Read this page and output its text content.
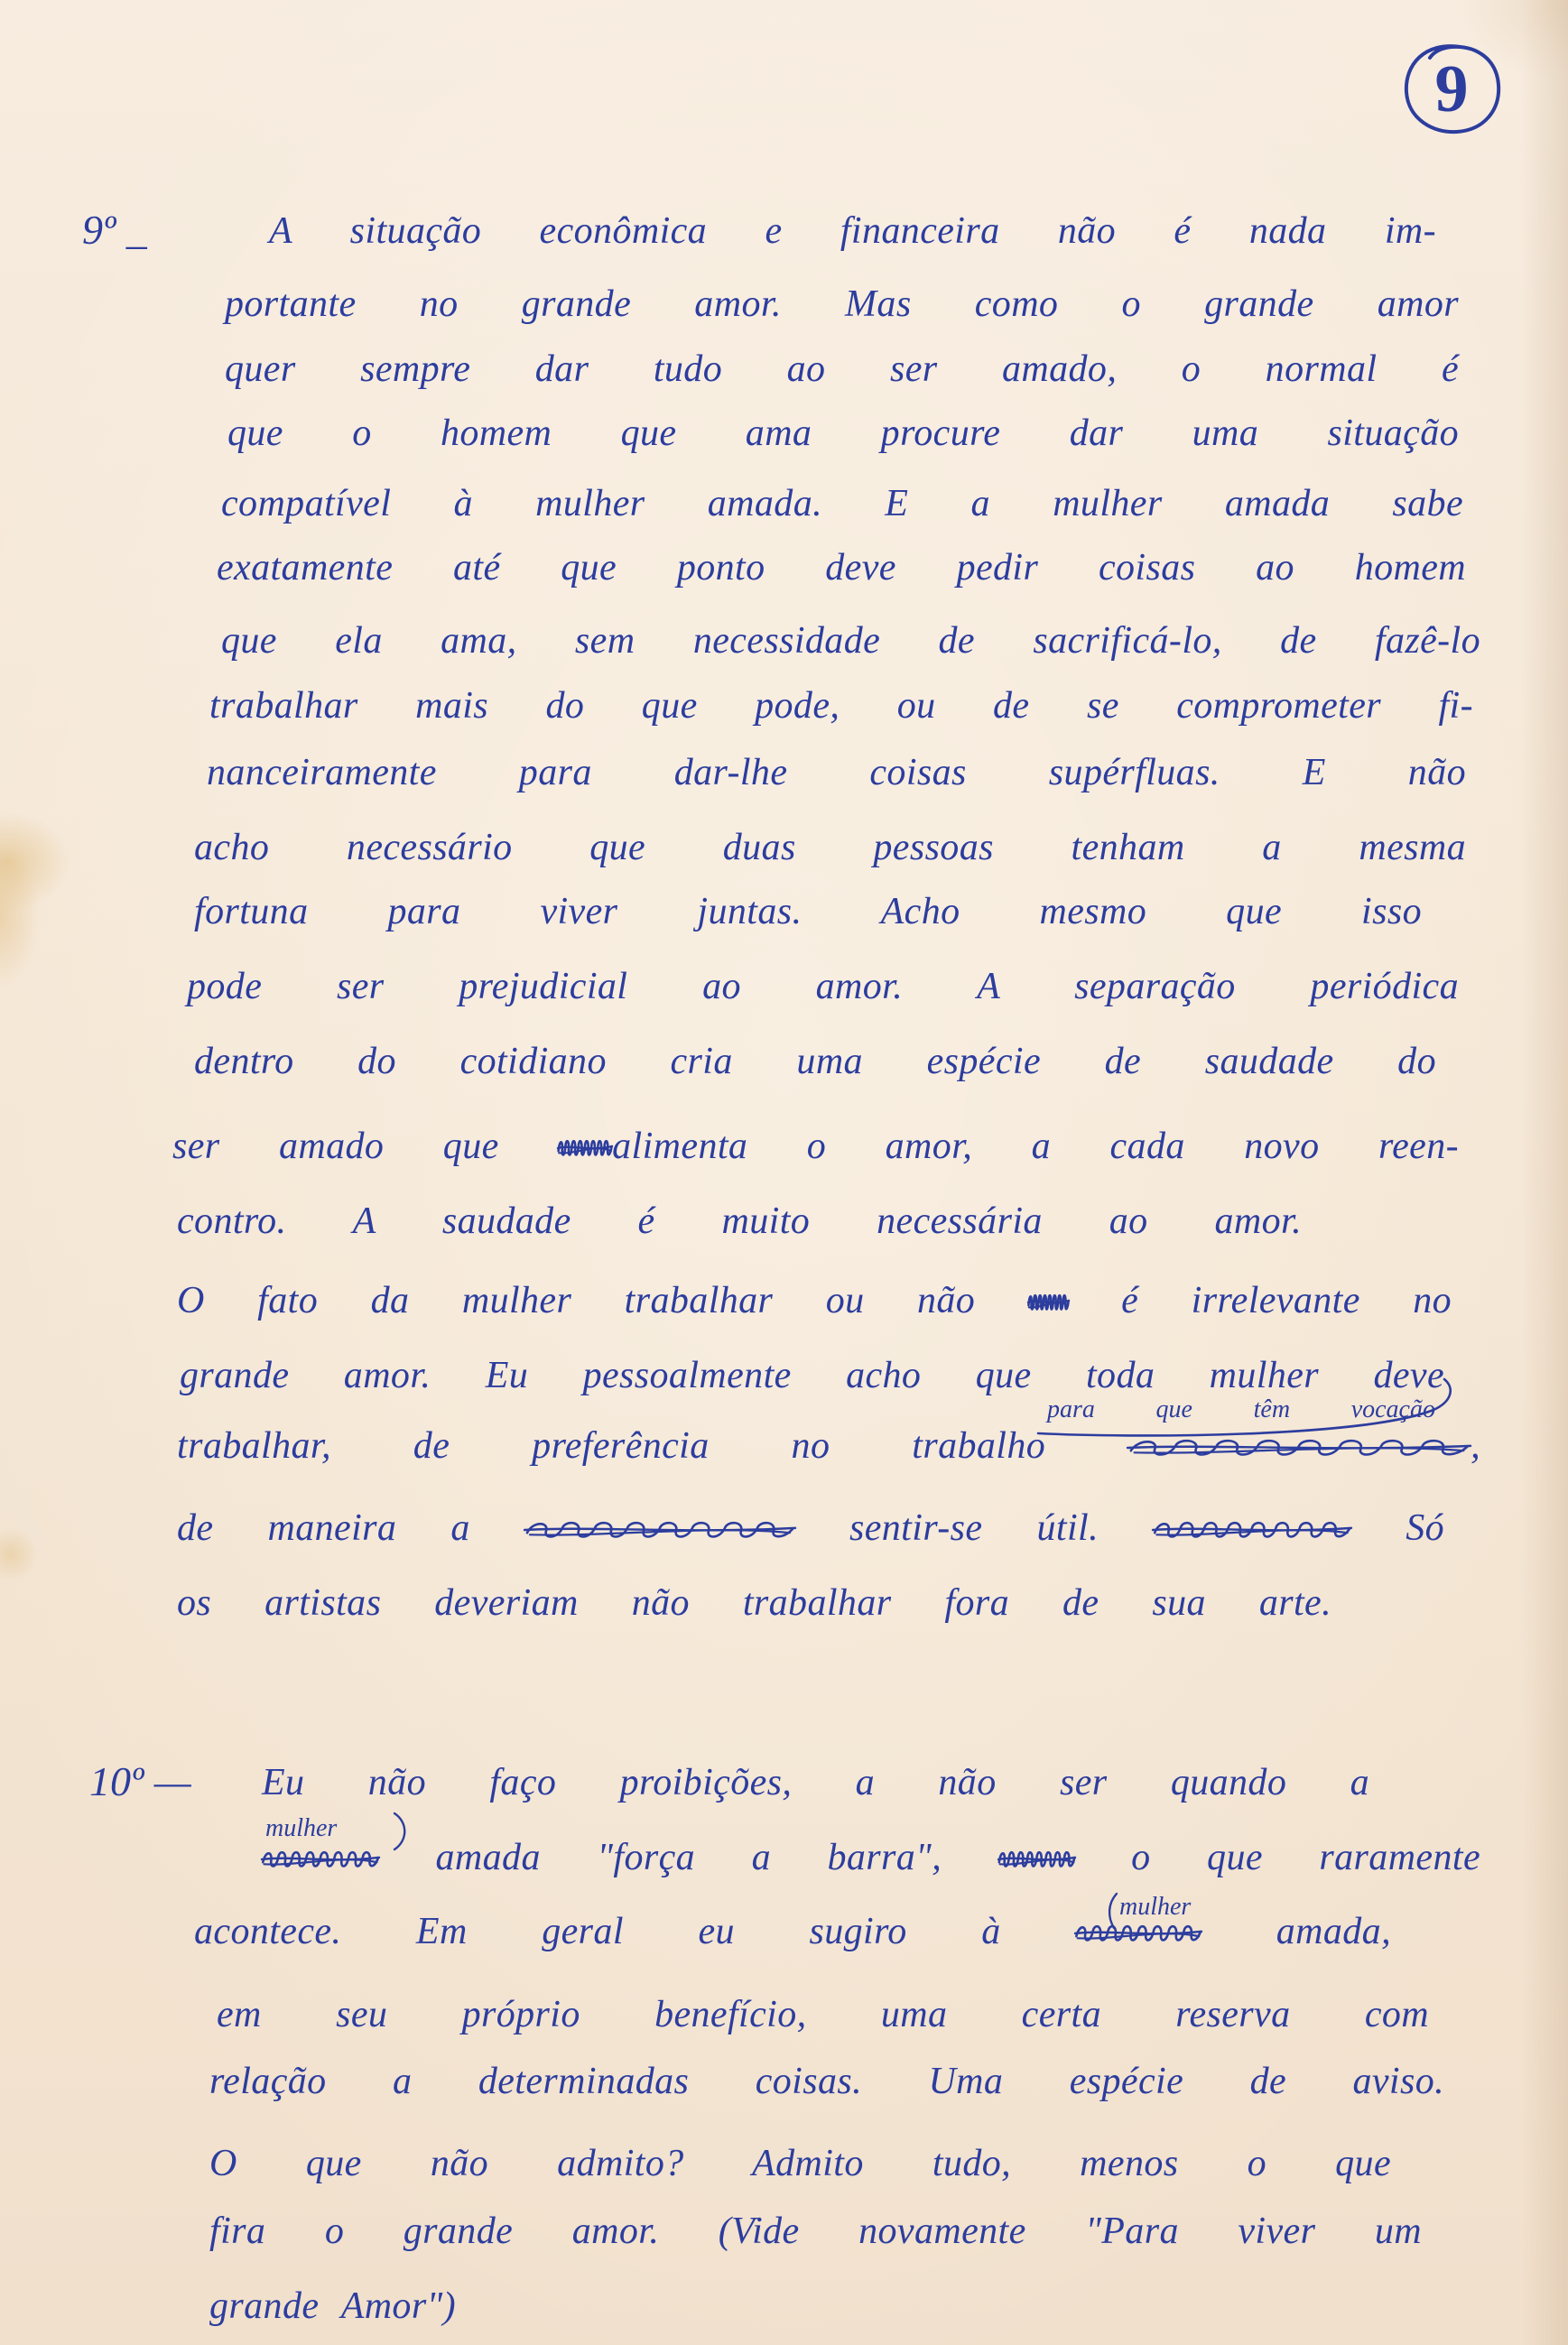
9
9º _	A situação econômica e financeira não é nada im-
portante no grande amor. Mas como o grande amor
quer sempre dar tudo ao ser amado, o normal é
que o homem que ama procure dar uma situação
compatível à mulher amada. E a mulher amada sabe
exatamente até que ponto deve pedir coisas ao homem
que ela ama, sem necessidade de sacrificá-lo, de fazê-lo
trabalhar mais do que pode, ou de se comprometer fi-
nanceiramente para dar-lhe coisas supérfluas. E não
acho necessário que duas pessoas tenham a mesma
fortuna para viver juntas. Acho mesmo que isso
pode ser prejudicial ao amor. A separação periódica
dentro do cotidiano cria uma espécie de saudade do
ser amado que	alimenta o amor, a cada novo reen-
contro. A saudade é muito necessária ao amor.
O fato da mulher trabalhar ou não	é irrelevante no
grande amor. Eu pessoalmente acho que toda mulher deve
para que têm vocação
trabalhar, de preferência no trabalho	,
de maneira a	sentir-se útil.	Só
os artistas deveriam não trabalhar fora de sua arte.
10º — Eu não faço proibições, a não ser quando a
mulher
amada "força a barra",	o que raramente
mulher
acontece. Em geral eu sugiro à	amada,
em seu próprio benefício, uma certa reserva com
relação a determinadas coisas. Uma espécie de aviso.
O que não admito? Admito tudo, menos o que
fira o grande amor. (Vide novamente "Para viver um
grande Amor")
